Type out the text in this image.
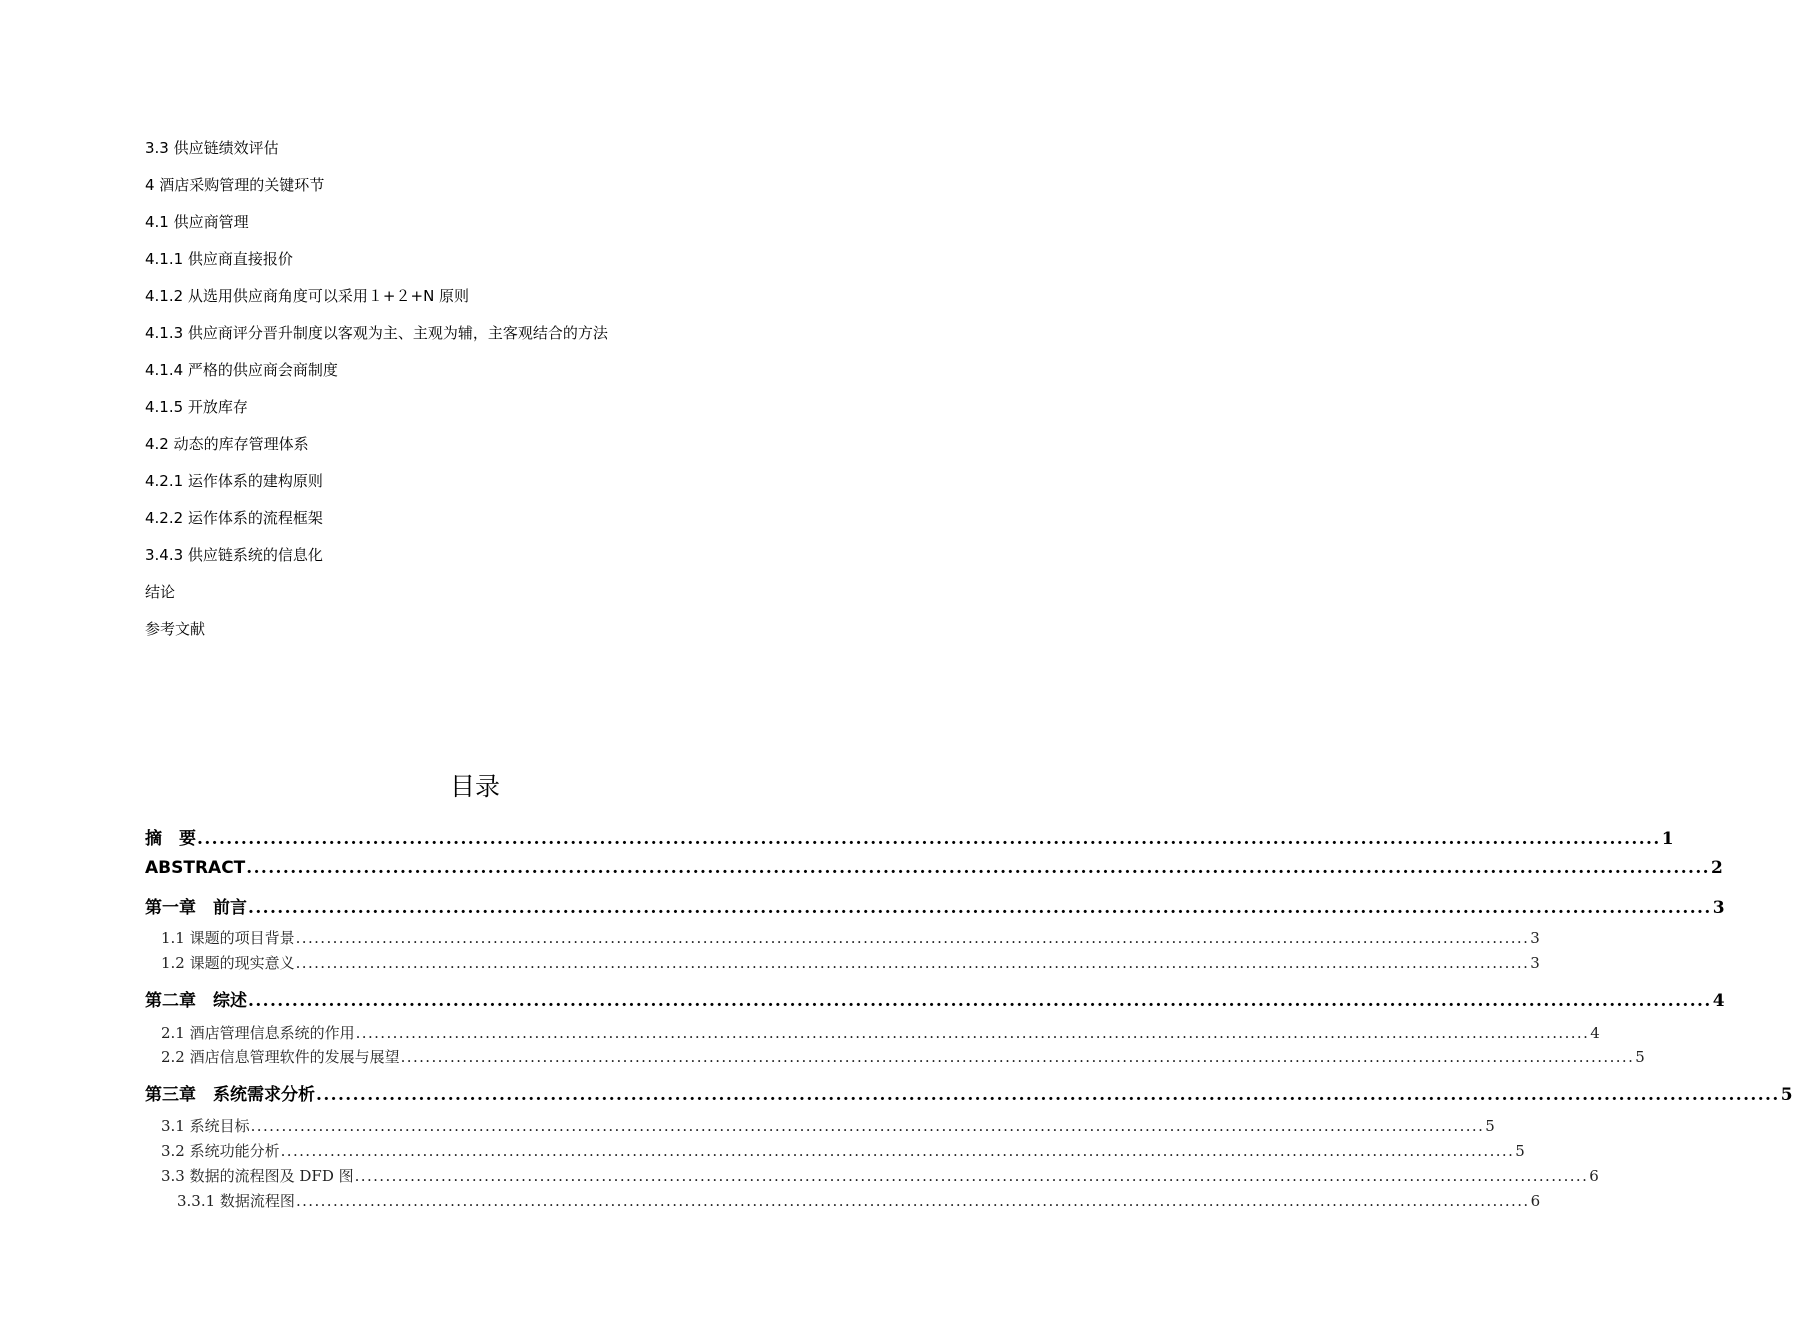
3.3 供应链绩效评估
4 酒店采购管理的关键环节
4.1 供应商管理
4.1.1 供应商直接报价
4.1.2 从选用供应商角度可以采用１+２+N 原则
4.1.3 供应商评分晋升制度以客观为主、主观为辅，主客观结合的方法
4.1.4 严格的供应商会商制度
4.1.5 开放库存
4.2 动态的库存管理体系
4.2.1 运作体系的建构原则
4.2.2 运作体系的流程框架
3.4.3 供应链系统的信息化
结论
参考文献
目录
摘　要 ........................................................................................................................................................................................................ 1
ABSTRACT ........................................................................................................................................................................................................ 2
第一章　前言 ........................................................................................................................................................................................................ 3
1.1 课题的项目背景 ........................................................................................................................................................................................................ 3
1.2 课题的现实意义 ........................................................................................................................................................................................................ 3
第二章　综述 ........................................................................................................................................................................................................ 4
2.1 酒店管理信息系统的作用 ........................................................................................................................................................................................................ 4
2.2 酒店信息管理软件的发展与展望 ........................................................................................................................................................................................................ 5
第三章　系统需求分析 ........................................................................................................................................................................................................ 5
3.1 系统目标 ........................................................................................................................................................................................................ 5
3.2 系统功能分析 ........................................................................................................................................................................................................ 5
3.3 数据的流程图及 DFD 图 ........................................................................................................................................................................................................ 6
3.3.1 数据流程图 ........................................................................................................................................................................................................ 6
